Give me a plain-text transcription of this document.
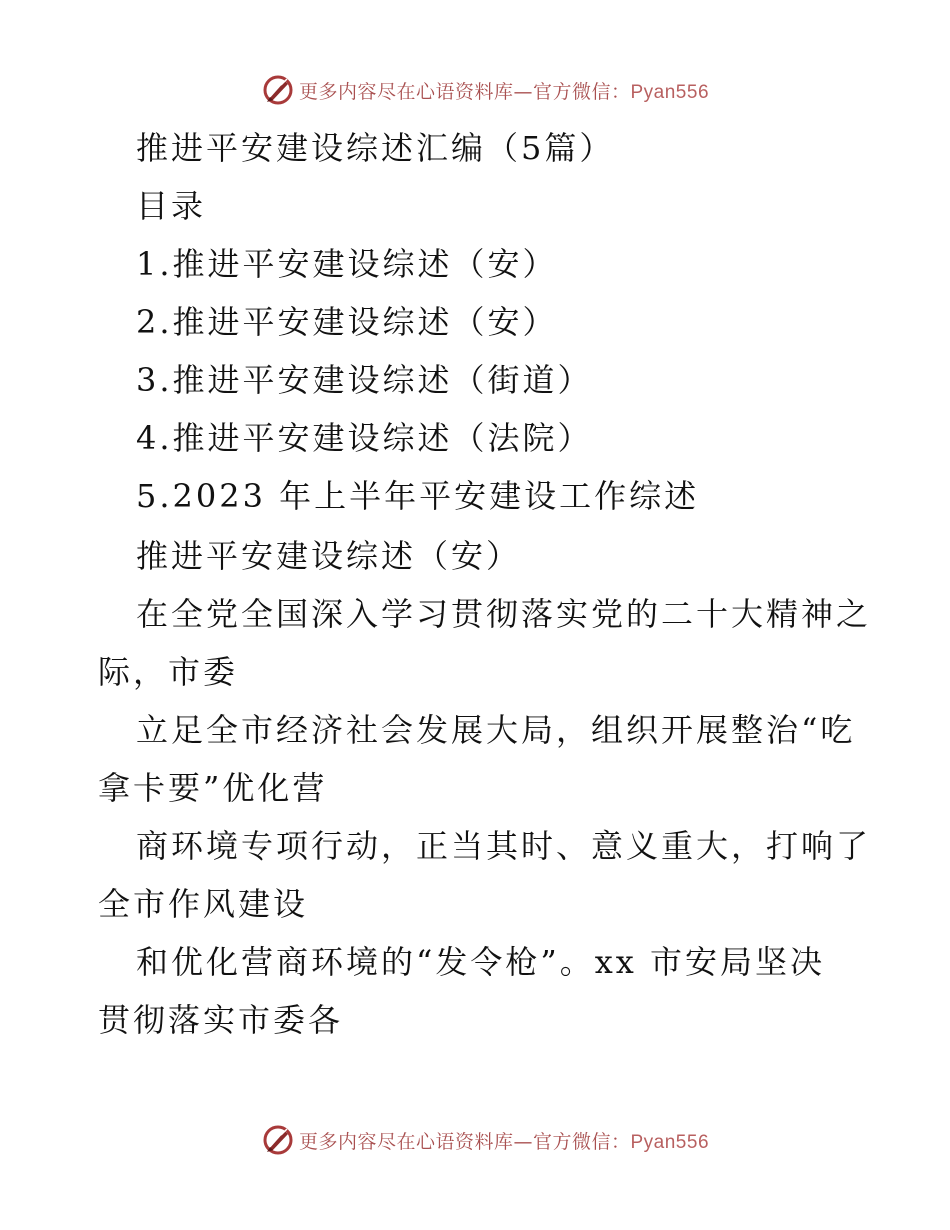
更多内容尽在心语资料库—官方微信：Pyan556
推进平安建设综述汇编（5篇）
目录
1.推进平安建设综述（安）
2.推进平安建设综述（安）
3.推进平安建设综述（街道）
4.推进平安建设综述（法院）
5.2023 年上半年平安建设工作综述
推进平安建设综述（安）
在全党全国深入学习贯彻落实党的二十大精神之
际，市委
立足全市经济社会发展大局，组织开展整治“吃
拿卡要”优化营
商环境专项行动，正当其时、意义重大，打响了
全市作风建设
和优化营商环境的“发令枪”。xx 市安局坚决
贯彻落实市委各
更多内容尽在心语资料库—官方微信：Pyan556
